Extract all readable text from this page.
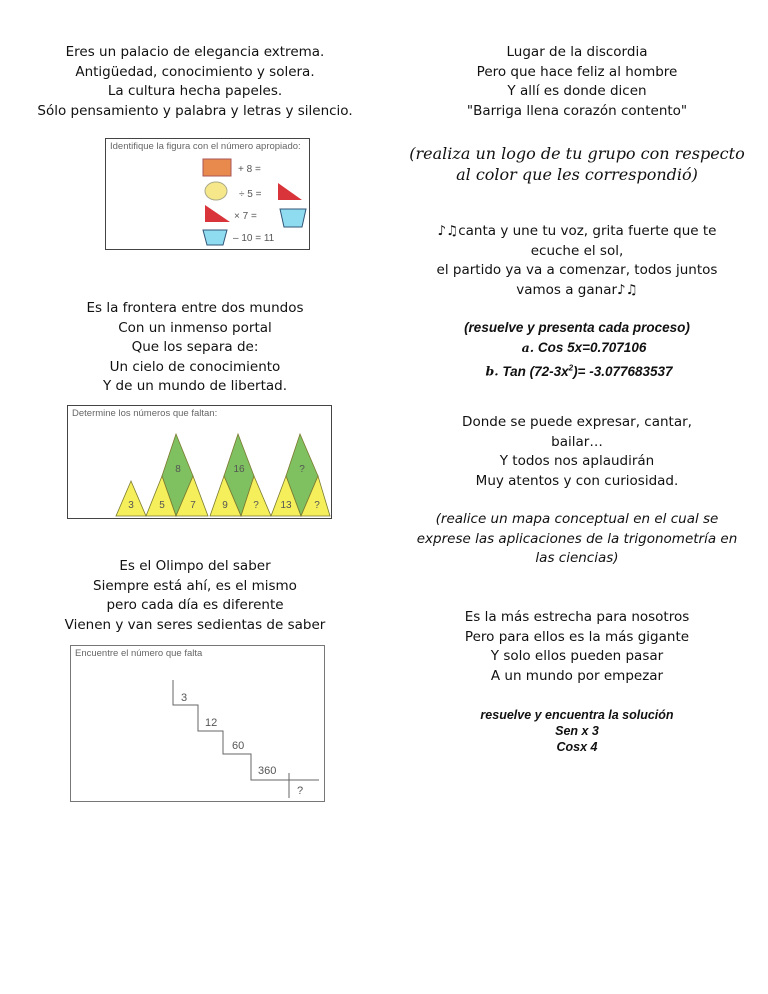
Eres un palacio de elegancia extrema.
Antigüedad, conocimiento y solera.
La cultura hecha papeles.
Sólo pensamiento y palabra y letras y silencio.
Identifique la figura con el número apropiado:
+ 8 =
÷ 5 =
× 7 =
– 10 = 11
Es la frontera entre dos mundos
Con un inmenso portal
Que los separa de:
Un cielo de conocimiento
Y de un mundo de libertad.
Determine los números que faltan:
3	5
8
7	9
16
? 13
?
?
Es el Olimpo del saber
Siempre está ahí, es el mismo
pero cada día es diferente
Vienen y van seres sedientas de saber
Encuentre el número que falta
3
12
60
360
?
Lugar de la discordia
Pero que hace feliz al hombre
Y allí es donde dicen
"Barriga llena corazón contento"
(realiza un logo de tu grupo con respecto
al color que les correspondió)
♪♫canta y une tu voz, grita fuerte que te
ecuche el sol,
el partido ya va a comenzar, todos juntos
vamos a ganar♪♫
(resuelve y presenta cada proceso)
a. Cos 5x=0.707106
b. Tan $(72-3x^2)= -3.077683537$
Donde se puede expresar, cantar,
bailar…
Y todos nos aplaudirán
Muy atentos y con curiosidad.
(realice un mapa conceptual en el cual se
exprese las aplicaciones de la trigonometría en
las ciencias)
Es la más estrecha para nosotros
Pero para ellos es la más gigante
Y solo ellos pueden pasar
A un mundo por empezar
resuelve y encuentra la solución
Sen x 3
Cosx 4
